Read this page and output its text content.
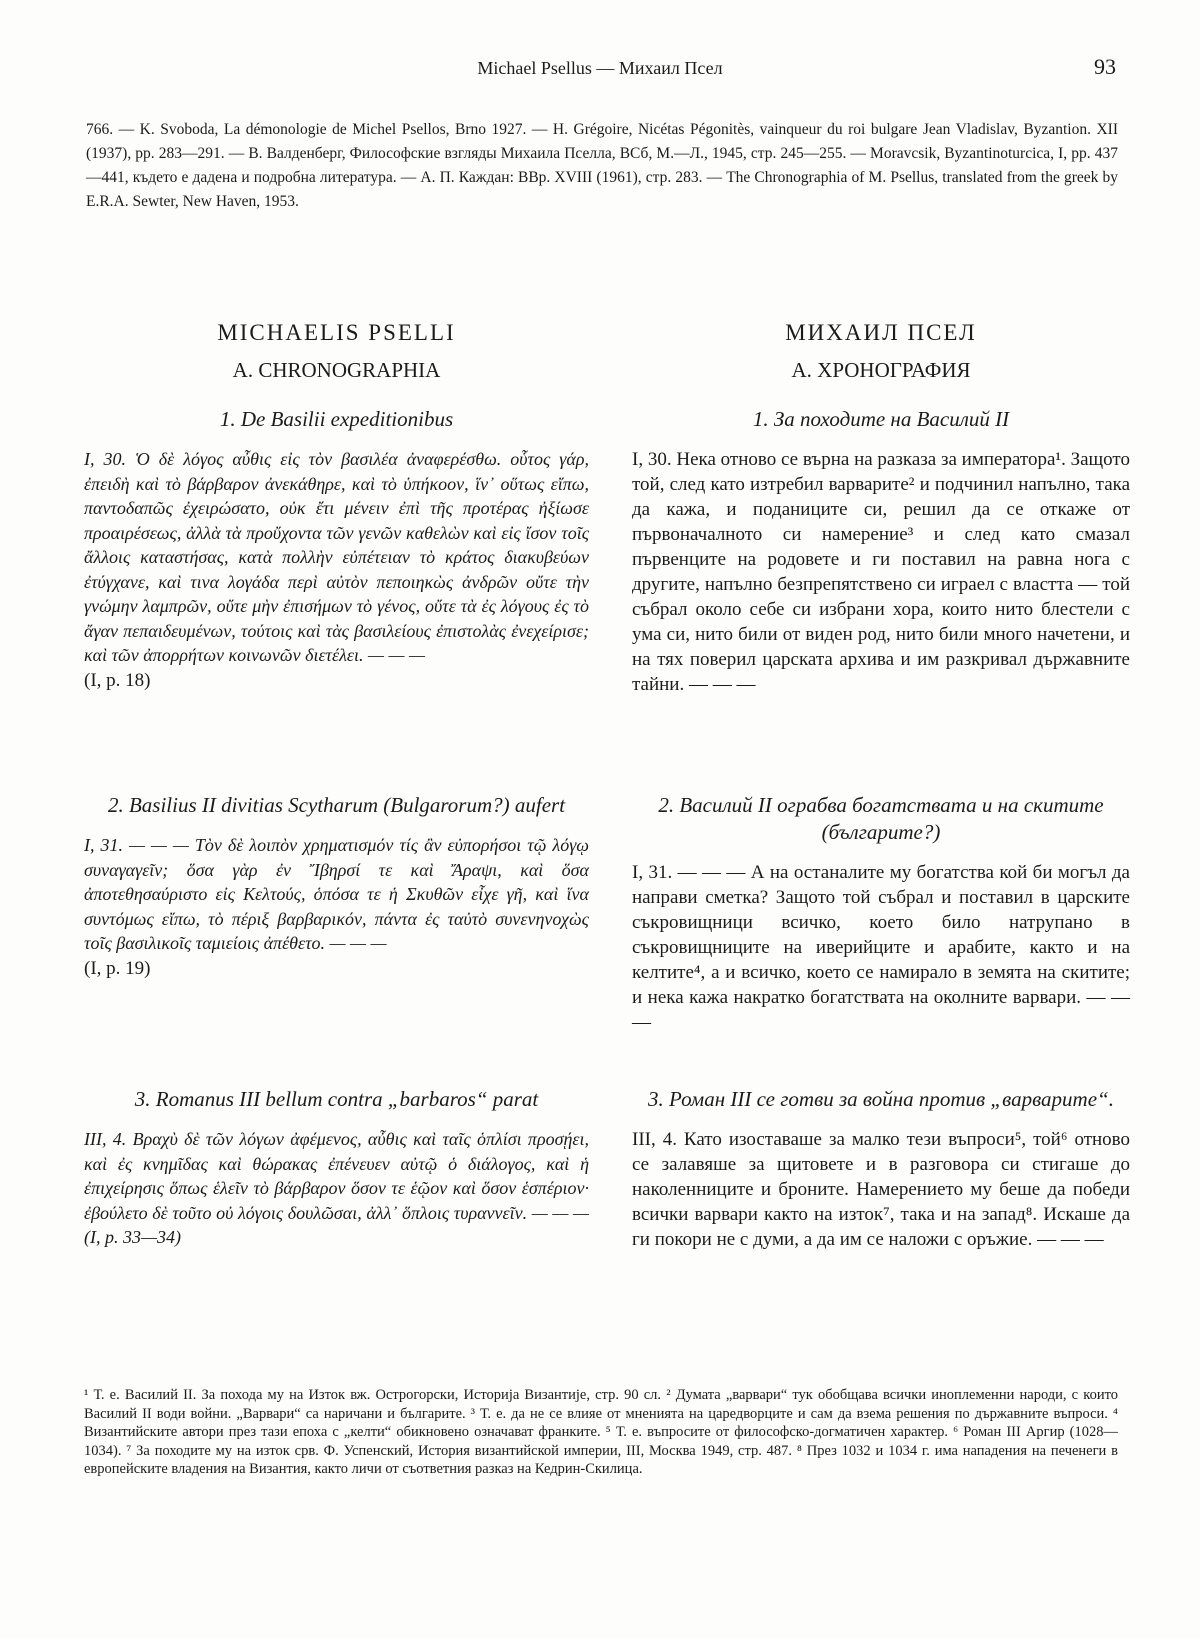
Michael Psellus — Михаил Псел	93
766. — K. Svoboda, La démonologie de Michel Psellos, Brno 1927. — H. Grégoire, Nicétas Pégonitès, vainqueur du roi bulgare Jean Vladislav, Byzantion. XII (1937), pp. 283—291. — В. Валденберг, Философские взгляды Михаила Пселла, ВСб, М.—Л., 1945, стр. 245—255. — Moravcsik, Byzantinoturcica, I, pp. 437—441, където е дадена и подробна литература. — А. П. Каждан: ВВр. XVIII (1961), стр. 283. — The Chronographia of M. Psellus, translated from the greek by E.R.A. Sewter, New Haven, 1953.
MICHAELIS PSELLI
A. CHRONOGRAPHIA
1. De Basilii expeditionibus

I, 30. Ὁ δὲ λόγος αὖθις εἰς τὸν βασιλέα ἀναφερέσθω. οὗτος γάρ, ἐπειδὴ καὶ τὸ βάρβαρον ἀνεκάθηρε, καὶ τὸ ὑπήκοον, ἵν᾽ οὕτως εἴπω, παντοδαπῶς ἐχειρώσατο, οὐκ ἔτι μένειν ἐπὶ τῆς προτέρας ἠξίωσε προαιρέσεως, ἀλλὰ τὰ προὔχοντα τῶν γενῶν καθελὼν καὶ εἰς ἴσον τοῖς ἄλλοις καταστήσας, κατὰ πολλὴν εὐπέτειαν τὸ κράτος διακυβεύων ἐτύγχανε, καὶ τινα λογάδα περὶ αὐτὸν πεποιηκὼς ἀνδρῶν οὔτε τὴν γνώμην λαμπρῶν, οὔτε μὴν ἐπισήμων τὸ γένος, οὔτε τὰ ἐς λόγους ἐς τὸ ἄγαν πεπαιδευμένων, τούτοις καὶ τὰς βασιλείους ἐπιστολὰς ἐνεχείρισε; καὶ τῶν ἀπορρήτων κοινωνῶν διετέλει. — — —

(I, p. 18)

2. Basilius II divitias Scytharum (Bulgarorum?) aufert

I, 31. — — — Τὸν δὲ λοιπὸν χρηματισμόν τίς ἂν εὐπορήσοι τῷ λόγῳ συναγαγεῖν; ὅσα γὰρ ἐν Ἴβηρσί τε καὶ Ἄραψι, καὶ ὅσα ἀποτεθησαύριστο εἰς Κελτούς, ὁπόσα τε ἡ Σκυθῶν εἶχε γῆ, καὶ ἵνα συντόμως εἴπω, τὸ πέριξ βαρβαρικόν, πάντα ἐς ταὐτὸ συνενηνοχὼς τοῖς βασιλικοῖς ταμιείοις ἀπέθετο. — — —

(I, p. 19)

3. Romanus III bellum contra „barbaros“ parat

III, 4. Βραχὺ δὲ τῶν λόγων ἀφέμενος, αὖθις καὶ ταῖς ὁπλίσι προσῄει, καὶ ἐς κνημῖδας καὶ θώρακας ἐπένευεν αὐτῷ ὁ διάλογος, καὶ ἡ ἐπιχείρησις ὅπως ἑλεῖν τὸ βάρβαρον ὅσον τε ἑῷον καὶ ὅσον ἑσπέριον· ἐβούλετο δὲ τοῦτο οὐ λόγοις δουλῶσαι, ἀλλ᾽ ὅπλοις τυραννεῖν. — — — (I, p. 33—34)

МИХАИЛ ПСЕЛ
A. ХРОНОГРАФИЯ
1. За походите на Василий II

I, 30. Нека отново се върна на разказа за императора¹. Защото той, след като изтребил варварите² и подчинил напълно, така да кажа, и поданиците си, решил да се откаже от първоначалното си намерение³ и след като смазал първенците на родовете и ги поставил на равна нога с другите, напълно безпрепятствено си играел с властта — той събрал около себе си избрани хора, които нито блестели с ума си, нито били от виден род, нито били много начетени, и на тях поверил царската архива и им разкривал държавните тайни. — — —

2. Василий II ограбва богатствата и на скитите (българите?)

I, 31. — — — А на останалите му богатства кой би могъл да направи сметка? Защото той събрал и поставил в царските съкровищници всичко, което било натрупано в съкровищниците на иверийците и арабите, както и на келтите⁴, а и всичко, което се намирало в земята на скитите; и нека кажа накратко богатствата на околните варвари. — — —

3. Роман III се готви за война против „варварите“.

III, 4. Като изоставаше за малко тези въпроси⁵, той⁶ отново се залавяше за щитовете и в разговора си стигаше до наколенниците и броните. Намерението му беше да победи всички варвари както на изток⁷, така и на запад⁸. Искаше да ги покори не с думи, а да им се наложи с оръжие. — — —

¹ Т. е. Василий II. За похода му на Изток вж. Острогорски, Историја Византије, стр. 90 сл. ² Думата „варвари“ тук обобщава всички иноплеменни народи, с които Василий II води войни. „Варвари“ са наричани и българите. ³ Т. е. да не се влияе от мненията на царедворците и сам да взема решения по държавните въпроси. ⁴ Византийските автори през тази епоха с „келти“ обикновено означават франките. ⁵ Т. е. въпросите от философско-догматичен характер. ⁶ Роман III Аргир (1028—1034). ⁷ За походите му на изток срв. Ф. Успенский, История византийской империи, III, Москва 1949, стр. 487. ⁸ През 1032 и 1034 г. има нападения на печенеги в европейските владения на Византия, както личи от съответния разказ на Кедрин-Скилица.
